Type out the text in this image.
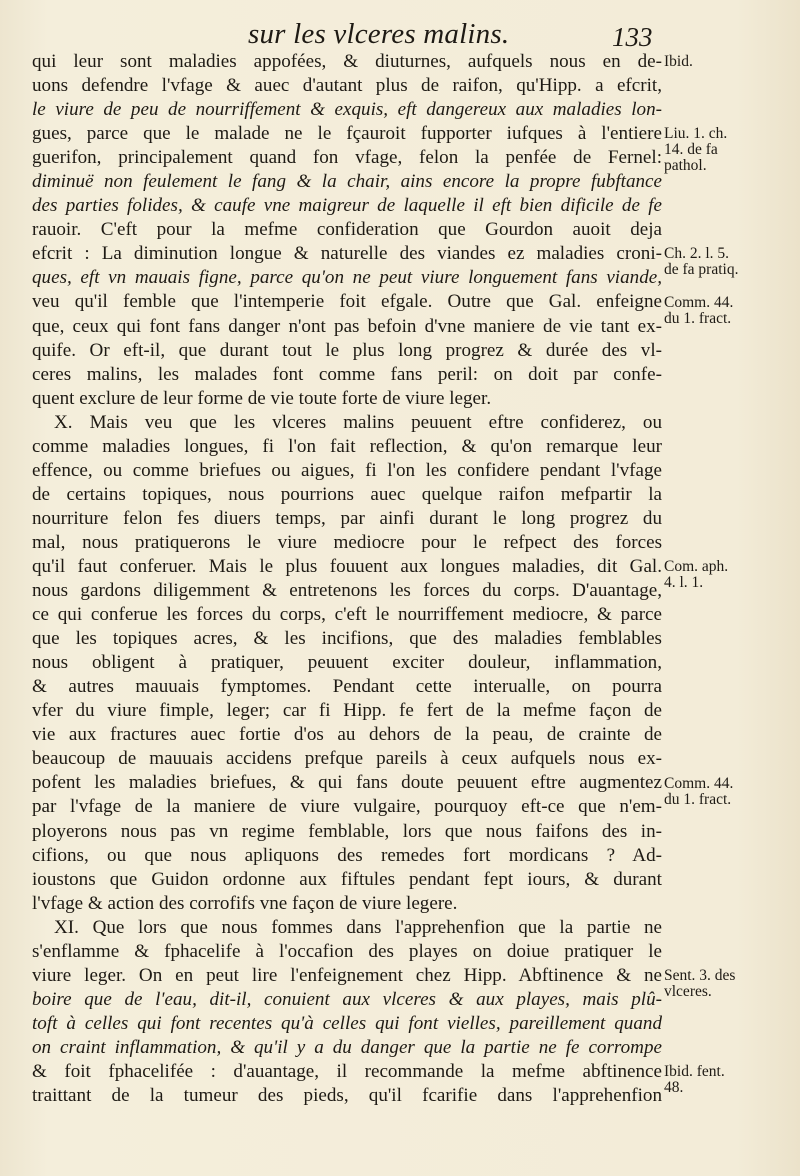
sur les vlceres malins.	133
qui leur sont maladies appofées, & diuturnes, aufquels nous en de-
uons defendre l'vfage & auec d'autant plus de raifon, qu'Hipp. a efcrit,
le viure de peu de nourriffement & exquis, eft dangereux aux maladies lon-
gues, parce que le malade ne le fçauroit fupporter iufques à l'entiere
guerifon, principalement quand fon vfage, felon la penfée de Fernel:
diminuë non feulement le fang & la chair, ains encore la propre fubftance
des parties folides, & caufe vne maigreur de laquelle il eft bien dificile de fe
rauoir. C'eft pour la mefme confideration que Gourdon auoit deja
efcrit : La diminution longue & naturelle des viandes ez maladies croni-
ques, eft vn mauais figne, parce qu'on ne peut viure longuement fans viande,
veu qu'il femble que l'intemperie foit efgale. Outre que Gal. enfeigne
que, ceux qui font fans danger n'ont pas befoin d'vne maniere de vie tant ex-
quife. Or eft-il, que durant tout le plus long progrez & durée des vl-
ceres malins, les malades font comme fans peril: on doit par confe-
quent exclure de leur forme de vie toute forte de viure leger.
X. Mais veu que les vlceres malins peuuent eftre confiderez, ou
comme maladies longues, fi l'on fait reflection, & qu'on remarque leur
effence, ou comme briefues ou aigues, fi l'on les confidere pendant l'vfage
de certains topiques, nous pourrions auec quelque raifon mefpartir la
nourriture felon fes diuers temps, par ainfi durant le long progrez du
mal, nous pratiquerons le viure mediocre pour le refpect des forces
qu'il faut conferuer. Mais le plus fouuent aux longues maladies, dit Gal.
nous gardons diligemment & entretenons les forces du corps. D'auantage,
ce qui conferue les forces du corps, c'eft le nourriffement mediocre, & parce
que les topiques acres, & les incifions, que des maladies femblables
nous obligent à pratiquer, peuuent exciter douleur, inflammation,
& autres mauuais fymptomes. Pendant cette interualle, on pourra
vfer du viure fimple, leger; car fi Hipp. fe fert de la mefme façon de
vie aux fractures auec fortie d'os au dehors de la peau, de crainte de
beaucoup de mauuais accidens prefque pareils à ceux aufquels nous ex-
pofent les maladies briefues, & qui fans doute peuuent eftre augmentez
par l'vfage de la maniere de viure vulgaire, pourquoy eft-ce que n'em-
ployerons nous pas vn regime femblable, lors que nous faifons des in-
cifions, ou que nous apliquons des remedes fort mordicans ? Ad-
ioustons que Guidon ordonne aux fiftules pendant fept iours, & durant
l'vfage & action des corrofifs vne façon de viure legere.
XI. Que lors que nous fommes dans l'apprehenfion que la partie ne
s'enflamme & fphacelife à l'occafion des playes on doiue pratiquer le
viure leger. On en peut lire l'enfeignement chez Hipp. Abftinence & ne
boire que de l'eau, dit-il, conuient aux vlceres & aux playes, mais plû-
toft à celles qui font recentes qu'à celles qui font vielles, pareillement quand
on craint inflammation, & qu'il y a du danger que la partie ne fe corrompe
& foit fphacelifée : d'auantage, il recommande la mefme abftinence
traittant de la tumeur des pieds, qu'il fcarifie dans l'apprehenfion
Ibid.
Liu. 1. ch.
14. de fa
pathol.
Ch. 2. l. 5.
de fa pratiq.
Comm. 44.
du 1. fract.
Com. aph.
4. l. 1.
Comm. 44.
du 1. fract.
Sent. 3. des
vlceres.
Ibid. fent.
48.
